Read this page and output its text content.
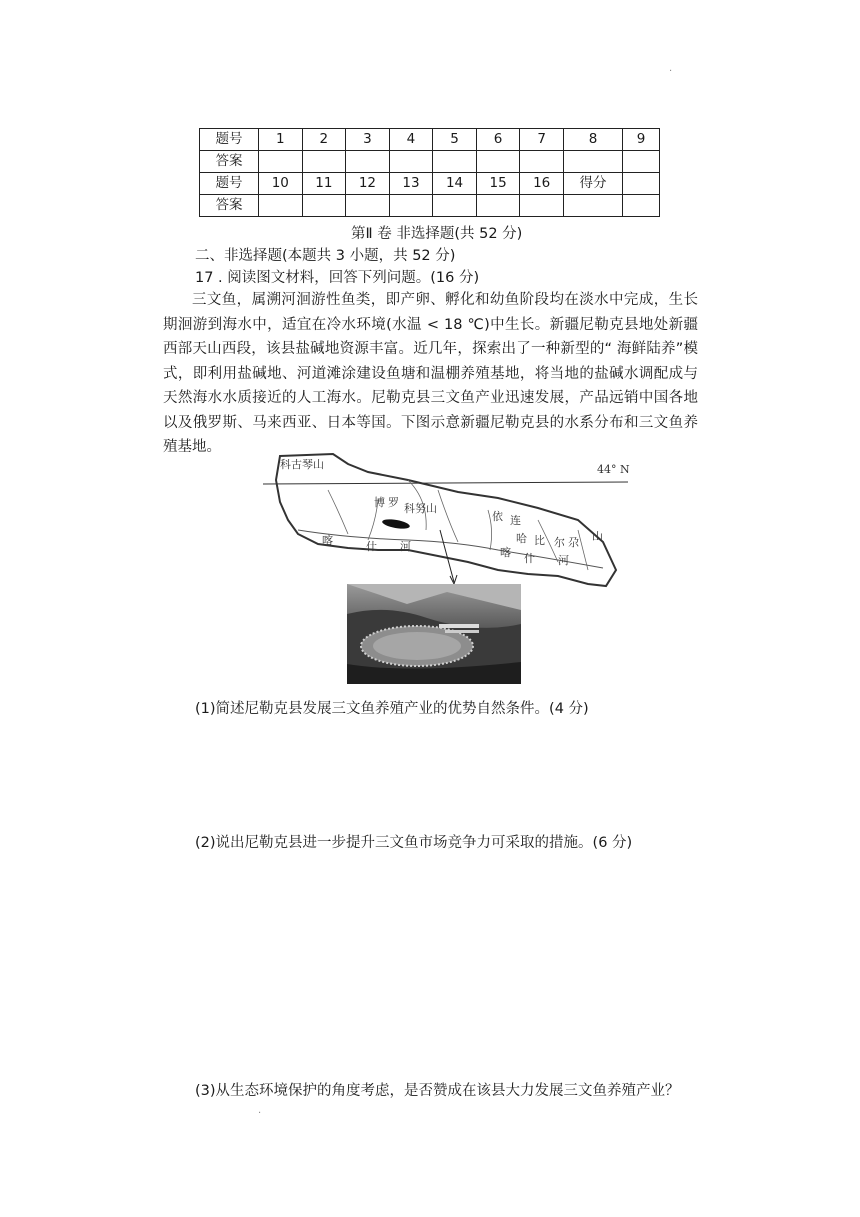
·
题号	1	2	3	4	5	6	7	8	9
答案									
题号	10	11	12	13	14	15	16	得分	
答案									
第Ⅱ 卷 非选择题(共 52 分)
二、非选择题(本题共 3 小题，共 52 分)
17 . 阅读图文材料，回答下列问题。(16 分)
三文鱼，属溯河洄游性鱼类，即产卵、孵化和幼鱼阶段均在淡水中完成，生长期洄游到海水中，适宜在冷水环境(水温 < 18 ℃)中生长。新疆尼勒克县地处新疆西部天山西段，该县盐碱地资源丰富。近几年，探索出了一种新型的“ 海鲜陆养”模式，即利用盐碱地、河道滩涂建设鱼塘和温棚养殖基地，将当地的盐碱水调配成与天然海水水质接近的人工海水。尼勒克县三文鱼产业迅速发展，产品远销中国各地以及俄罗斯、马来西亚、日本等国。下图示意新疆尼勒克县的水系分布和三文鱼养殖基地。
44° N
科古琴山
博 罗 科努山
依 连
哈 比 尔 尕 山
喀	什 河	喀 什 河
(1)简述尼勒克县发展三文鱼养殖产业的优势自然条件。(4 分)
(2)说出尼勒克县进一步提升三文鱼市场竞争力可采取的措施。(6 分)
(3)从生态环境保护的角度考虑，是否赞成在该县大力发展三文鱼养殖产业？
·
